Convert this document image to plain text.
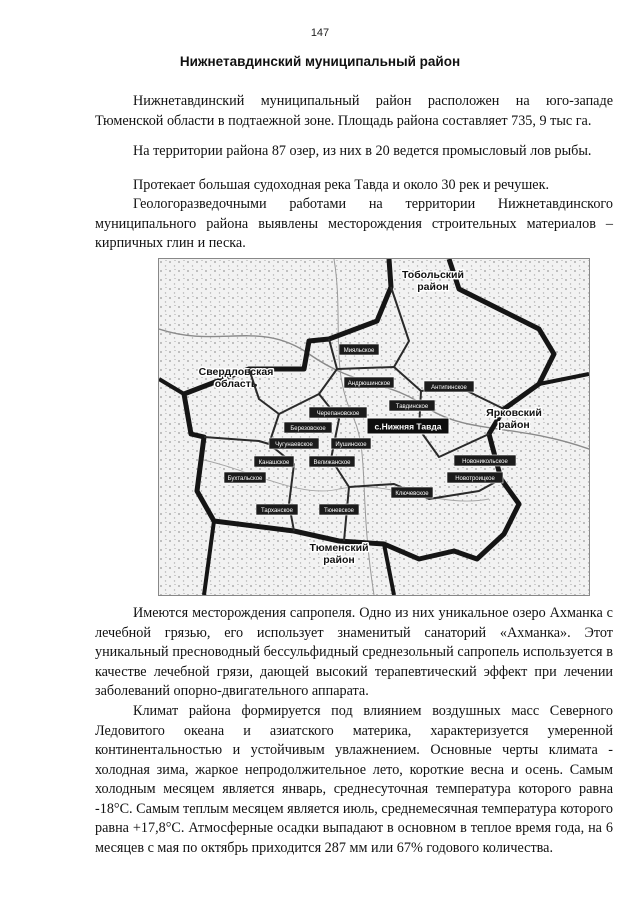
147
Нижнетавдинский муниципальный район

Нижнетавдинский муниципальный район расположен на юго-западе Тюменской области в подтаежной зоне. Площадь района составляет 735, 9 тыс га.

На территории района 87 озер, из них в 20 ведется промысловый лов рыбы.

Протекает большая судоходная река Тавда и около 30 рек и речушек.

Геологоразведочными работами на территории Нижнетавдинского муниципального района выявлены месторождения строительных материалов – кирпичных глин и песка.

Тобольский
район
Свердловская
область
Ярковский
район
Тюменский
район
Мияльское
Андрюшинское
Антипинское
Черепановское
Тавдинское
Березовское
Иушинское
Чугунаевское
Канашское	Велижанское	Новоникольское
Бухтальское	Новотроицкое
Ключевское
Тарханское	Тюневское
с.Нижняя Тавда

Имеются месторождения сапропеля. Одно из них уникальное озеро Ахманка с лечебной грязью, его использует знаменитый санаторий «Ахманка». Этот уникальный пресноводный бессульфидный среднезольный сапропель используется в качестве лечебной грязи, дающей высокий терапевтический эффект при лечении заболеваний опорно-двигательного аппарата.

Климат района формируется под влиянием воздушных масс Северного Ледовитого океана и азиатского материка, характеризуется умеренной континентальностью и устойчивым увлажнением. Основные черты климата - холодная зима, жаркое непродолжительное лето, короткие весна и осень. Самым холодным месяцем является январь, среднесуточная температура которого равна -18°С. Самым теплым месяцем является июль, среднемесячная температура которого равна +17,8°С. Атмосферные осадки выпадают в основном в теплое время года, на 6 месяцев с мая по октябрь приходится 287 мм или 67% годового количества.
